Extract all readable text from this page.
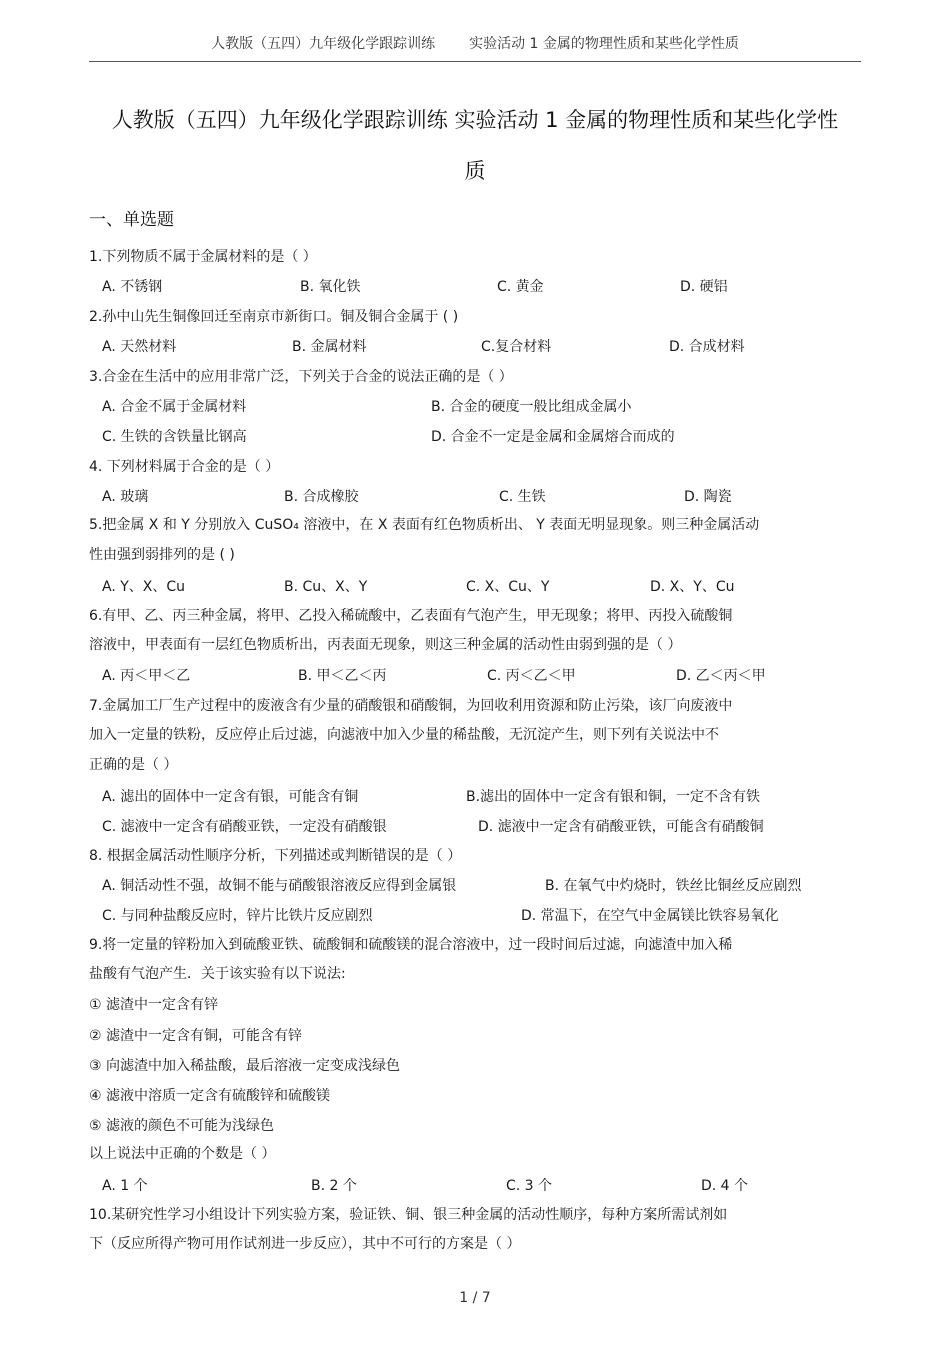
人教版（五四）九年级化学跟踪训练 实验活动 1 金属的物理性质和某些化学性质
人教版（五四）九年级化学跟踪训练 实验活动 1 金属的物理性质和某些化学性
质
一、单选题
1.下列物质不属于金属材料的是（ ）
A. 不锈钢	B. 氧化铁	C. 黄金	D. 硬铝
2.孙中山先生铜像回迁至南京市新街口。铜及铜合金属于 ( )
A. 天然材料	B. 金属材料	C.复合材料	D. 合成材料
3.合金在生活中的应用非常广泛，下列关于合金的说法正确的是（ ）
A. 合金不属于金属材料	B. 合金的硬度一般比组成金属小
C. 生铁的含铁量比钢高	D. 合金不一定是金属和金属熔合而成的
4. 下列材料属于合金的是（ ）
A. 玻璃	B. 合成橡胶	C. 生铁	D. 陶瓷
5.把金属 X 和 Y 分别放入 CuSO₄ 溶液中，在 X 表面有红色物质析出、 Y 表面无明显现象。则三种金属活动
性由强到弱排列的是 ( )
A. Y、X、Cu	B. Cu、X、Y	C. X、Cu、Y	D. X、Y、Cu
6.有甲、乙、丙三种金属，将甲、乙投入稀硫酸中，乙表面有气泡产生，甲无现象；将甲、丙投入硫酸铜
溶液中，甲表面有一层红色物质析出，丙表面无现象，则这三种金属的活动性由弱到强的是（ ）
A. 丙＜甲＜乙	B. 甲＜乙＜丙	C. 丙＜乙＜甲	D. 乙＜丙＜甲
7.金属加工厂生产过程中的废液含有少量的硝酸银和硝酸铜，为回收利用资源和防止污染，该厂向废液中
加入一定量的铁粉，反应停止后过滤，向滤液中加入少量的稀盐酸，无沉淀产生，则下列有关说法中不
正确的是（ ）
A. 滤出的固体中一定含有银，可能含有铜	B.滤出的固体中一定含有银和铜，一定不含有铁
C. 滤液中一定含有硝酸亚铁，一定没有硝酸银	D. 滤液中一定含有硝酸亚铁，可能含有硝酸铜
8. 根据金属活动性顺序分析，下列描述或判断错误的是（ ）
A. 铜活动性不强，故铜不能与硝酸银溶液反应得到金属银	B. 在氧气中灼烧时，铁丝比铜丝反应剧烈
C. 与同种盐酸反应时，锌片比铁片反应剧烈	D. 常温下，在空气中金属镁比铁容易氧化
9.将一定量的锌粉加入到硫酸亚铁、硫酸铜和硫酸镁的混合溶液中，过一段时间后过滤，向滤渣中加入稀
盐酸有气泡产生．关于该实验有以下说法:
① 滤渣中一定含有锌
② 滤渣中一定含有铜，可能含有锌
③ 向滤渣中加入稀盐酸，最后溶液一定变成浅绿色
④ 滤液中溶质一定含有硫酸锌和硫酸镁
⑤ 滤液的颜色不可能为浅绿色
以上说法中正确的个数是（ ）
A. 1 个	B. 2 个	C. 3 个	D. 4 个
10.某研究性学习小组设计下列实验方案，验证铁、铜、银三种金属的活动性顺序，每种方案所需试剂如
下（反应所得产物可用作试剂进一步反应），其中不可行的方案是（ ）
1 / 7
